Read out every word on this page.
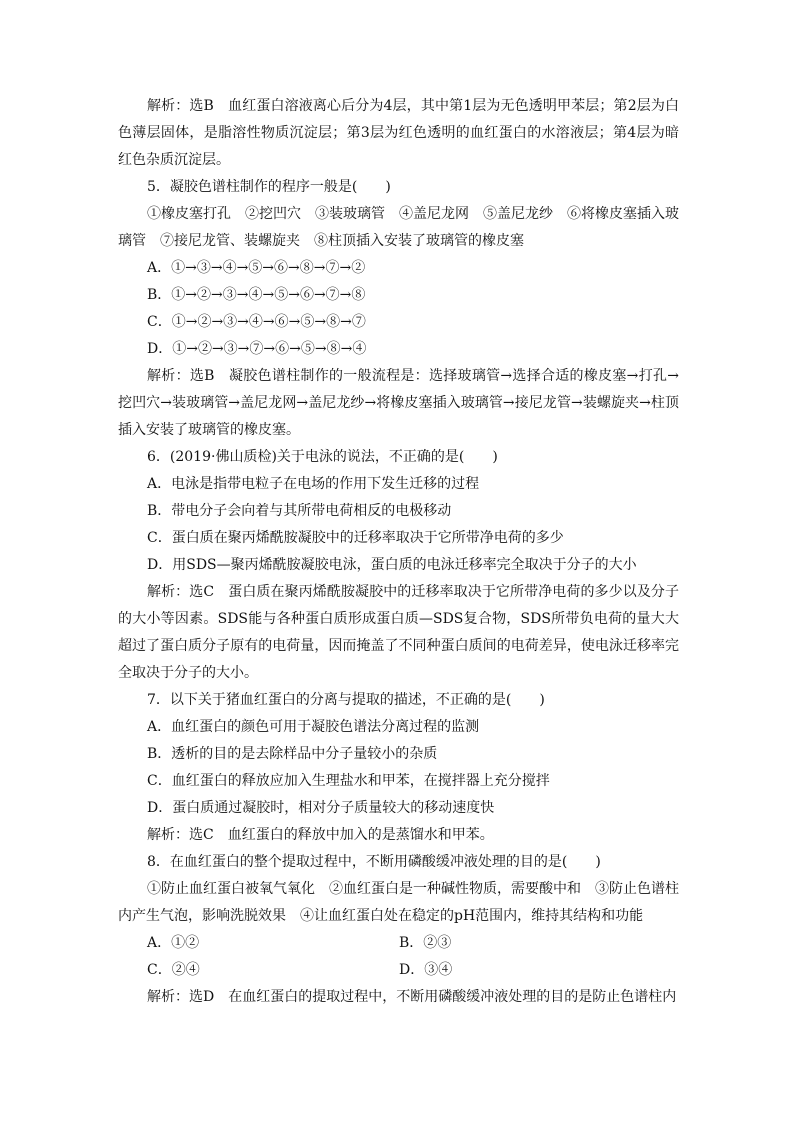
解析：选B　血红蛋白溶液离心后分为4层，其中第1层为无色透明甲苯层；第2层为白色薄层固体，是脂溶性物质沉淀层；第3层为红色透明的血红蛋白的水溶液层；第4层为暗红色杂质沉淀层。

5．凝胶色谱柱制作的程序一般是(　　)

①橡皮塞打孔　②挖凹穴　③装玻璃管　④盖尼龙网　⑤盖尼龙纱　⑥将橡皮塞插入玻璃管　⑦接尼龙管、装螺旋夹　⑧柱顶插入安装了玻璃管的橡皮塞

A．①→③→④→⑤→⑥→⑧→⑦→②

B．①→②→③→④→⑤→⑥→⑦→⑧

C．①→②→③→④→⑥→⑤→⑧→⑦

D．①→②→③→⑦→⑥→⑤→⑧→④

解析：选B　凝胶色谱柱制作的一般流程是：选择玻璃管→选择合适的橡皮塞→打孔→挖凹穴→装玻璃管→盖尼龙网→盖尼龙纱→将橡皮塞插入玻璃管→接尼龙管→装螺旋夹→柱顶插入安装了玻璃管的橡皮塞。

6．(2019·佛山质检)关于电泳的说法，不正确的是(　　)

A．电泳是指带电粒子在电场的作用下发生迁移的过程

B．带电分子会向着与其所带电荷相反的电极移动

C．蛋白质在聚丙烯酰胺凝胶中的迁移率取决于它所带净电荷的多少

D．用SDS—聚丙烯酰胺凝胶电泳，蛋白质的电泳迁移率完全取决于分子的大小

解析：选C　蛋白质在聚丙烯酰胺凝胶中的迁移率取决于它所带净电荷的多少以及分子的大小等因素。SDS能与各种蛋白质形成蛋白质—SDS复合物，SDS所带负电荷的量大大超过了蛋白质分子原有的电荷量，因而掩盖了不同种蛋白质间的电荷差异，使电泳迁移率完全取决于分子的大小。

7．以下关于猪血红蛋白的分离与提取的描述，不正确的是(　　)

A．血红蛋白的颜色可用于凝胶色谱法分离过程的监测

B．透析的目的是去除样品中分子量较小的杂质

C．血红蛋白的释放应加入生理盐水和甲苯，在搅拌器上充分搅拌

D．蛋白质通过凝胶时，相对分子质量较大的移动速度快

解析：选C　血红蛋白的释放中加入的是蒸馏水和甲苯。

8．在血红蛋白的整个提取过程中，不断用磷酸缓冲液处理的目的是(　　)

①防止血红蛋白被氧气氧化　②血红蛋白是一种碱性物质，需要酸中和　③防止色谱柱内产生气泡，影响洗脱效果　④让血红蛋白处在稳定的pH范围内，维持其结构和功能

A．①②	B．②③
C．②④	D．③④

解析：选D　在血红蛋白的提取过程中，不断用磷酸缓冲液处理的目的是防止色谱柱内
